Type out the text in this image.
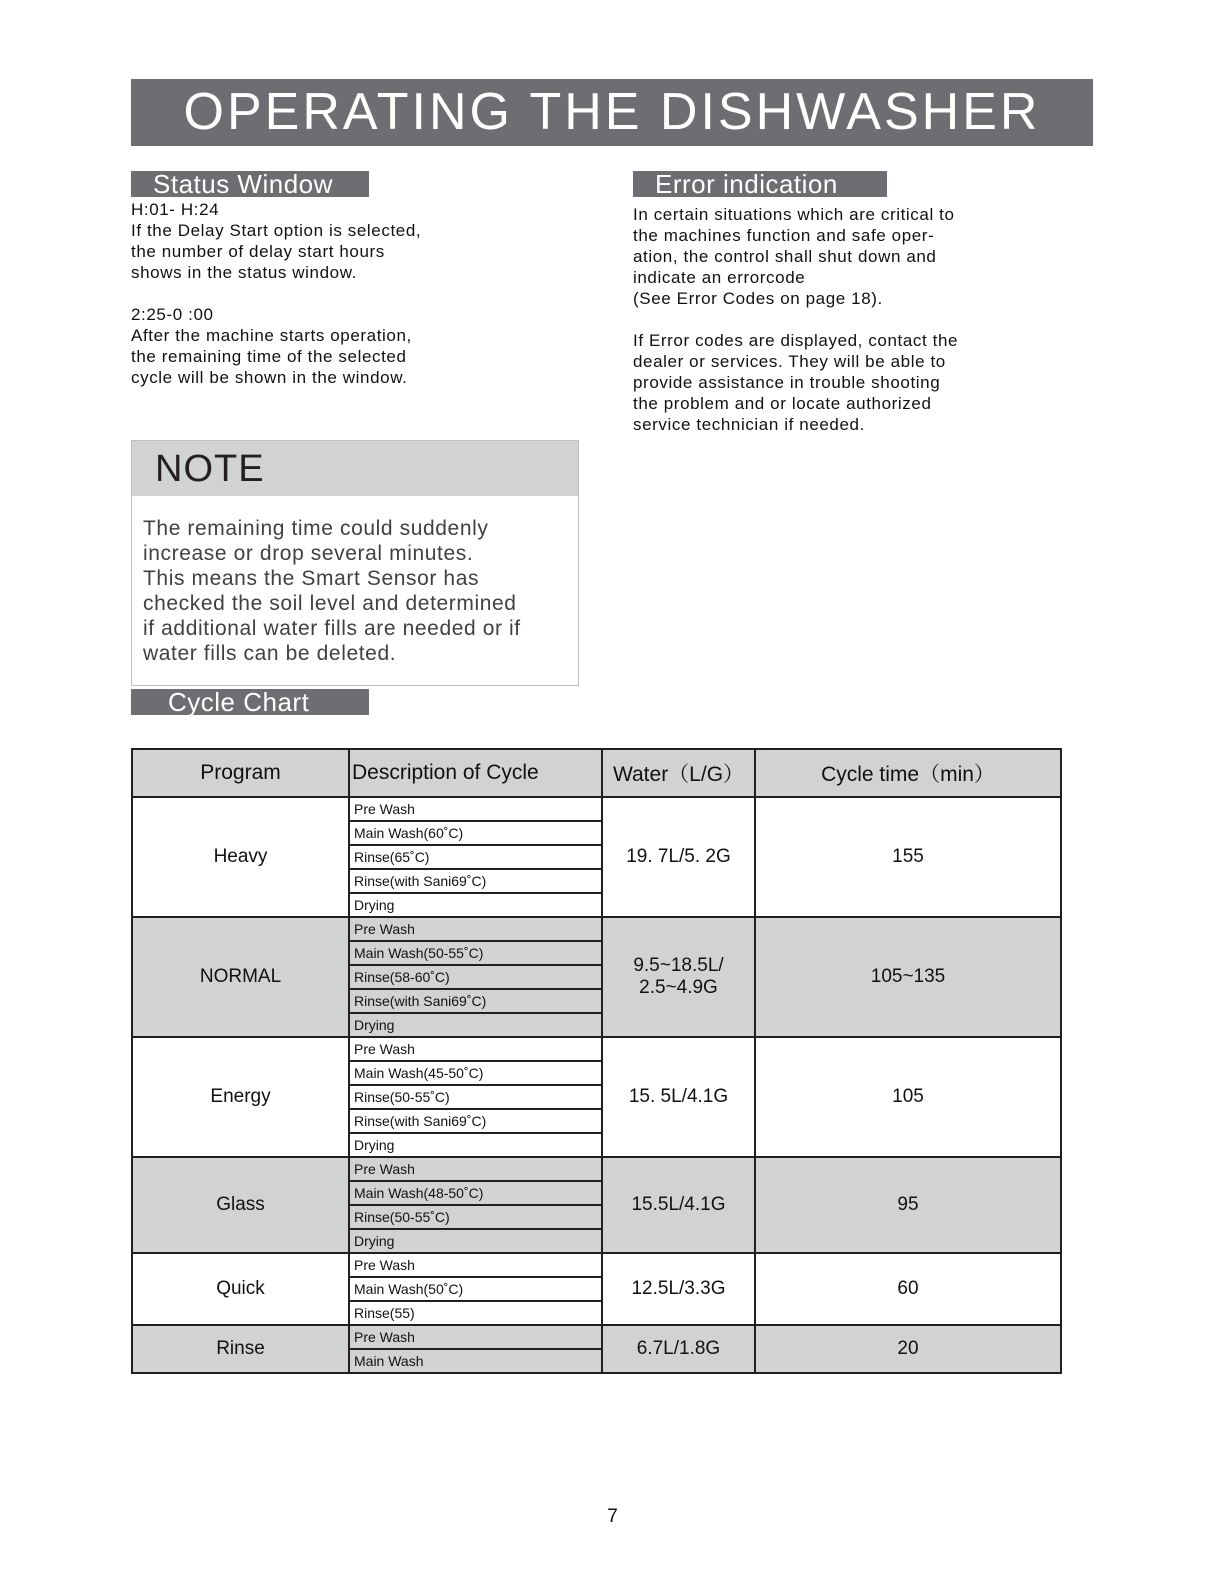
OPERATING THE DISHWASHER
Status Window

H:01- H:24

If the Delay Start option is selected,

the number of delay start hours

shows in the status window.

2:25-0 :00

After the machine starts operation,

the remaining time of the selected

cycle will be shown in the window.

Error indication

In certain situations which are critical to

the machines function and safe oper-

ation, the control shall shut down and

indicate an errorcode

(See Error Codes on page 18).

If Error codes are displayed, contact the

dealer or services. They will be able to

provide assistance in trouble shooting

the problem and or locate authorized

service technician if needed.

NOTE

The remaining time could suddenly

increase or drop several minutes.

This means the Smart Sensor has

checked the soil level and determined

if additional water fills are needed or if

water fills can be deleted.

Cycle Chart
Program	Description of Cycle	Water（L/G）	Cycle time（min）
Heavy	Pre Wash
Main Wash(60˚C)
Rinse(65˚C)
Rinse(with Sani69˚C)
Drying	19. 7L/5. 2G	155
NORMAL	Pre Wash
Main Wash(50-55˚C)
Rinse(58-60˚C)
Rinse(with Sani69˚C)
Drying	9.5~18.5L/ 2.5~4.9G	105~135
Energy	Pre Wash
Main Wash(45-50˚C)
Rinse(50-55˚C)
Rinse(with Sani69˚C)
Drying	15. 5L/4.1G	105
Glass	Pre Wash
Main Wash(48-50˚C)
Rinse(50-55˚C)
Drying	15.5L/4.1G	95
Quick	Pre Wash
Main Wash(50˚C)
Rinse(55)	12.5L/3.3G	60
Rinse	Pre Wash
Main Wash	6.7L/1.8G	20
7
